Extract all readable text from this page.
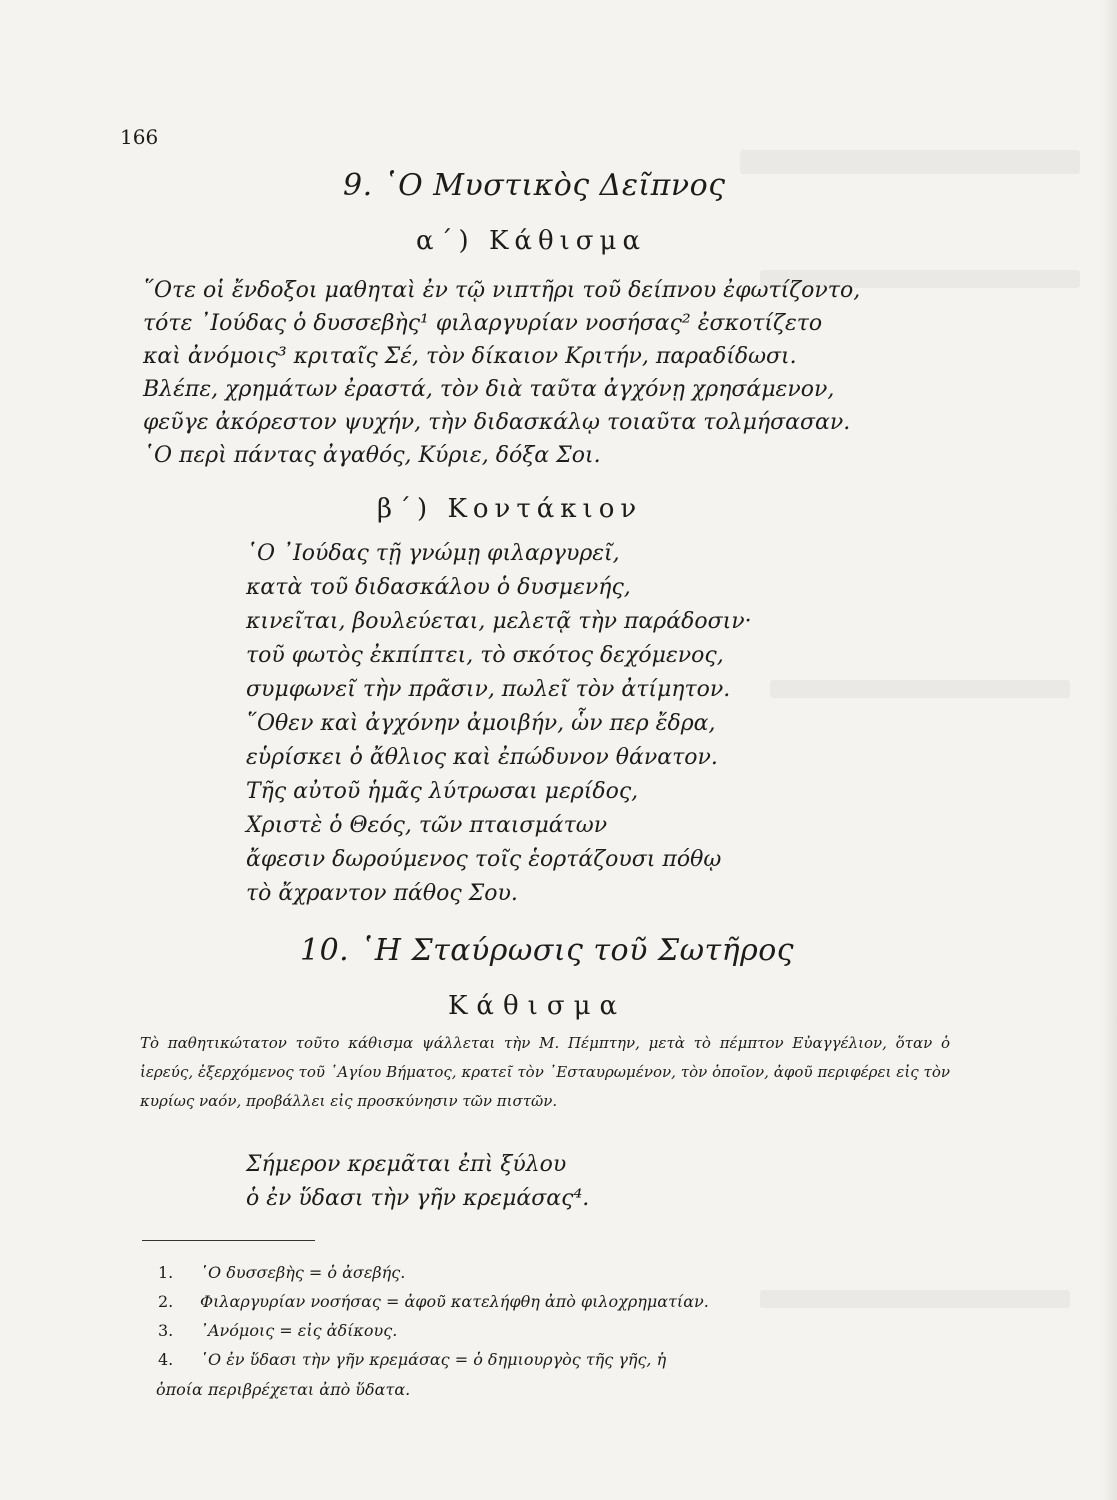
166
9. ῾Ο Μυστικὸς Δεῖπνος
α΄) Κάθισμα
῞Οτε οἱ ἔνδοξοι μαθηταὶ ἐν τῷ νιπτῆρι τοῦ δείπνου ἐφωτίζοντο,
τότε ᾿Ιούδας ὁ δυσσεβὴς¹ φιλαργυρίαν νοσήσας² ἐσκοτίζετο
καὶ ἀνόμοις³ κριταῖς Σέ, τὸν δίκαιον Κριτήν, παραδίδωσι.
Βλέπε, χρημάτων ἐραστά, τὸν διὰ ταῦτα ἀγχόνῃ χρησάμενον,
φεῦγε ἀκόρεστον ψυχήν, τὴν διδασκάλῳ τοιαῦτα τολμήσασαν.
῾Ο περὶ πάντας ἀγαθός, Κύριε, δόξα Σοι.
β΄) Κοντάκιον
῾Ο ᾿Ιούδας τῇ γνώμῃ φιλαργυρεῖ,
κατὰ τοῦ διδασκάλου ὁ δυσμενής,
κινεῖται, βουλεύεται, μελετᾷ τὴν παράδοσιν·
τοῦ φωτὸς ἐκπίπτει, τὸ σκότος δεχόμενος,
συμφωνεῖ τὴν πρᾶσιν, πωλεῖ τὸν ἀτίμητον.
῞Οθεν καὶ ἀγχόνην ἀμοιβήν, ὧν περ ἔδρα,
εὑρίσκει ὁ ἄθλιος καὶ ἐπώδυνον θάνατον.
Τῆς αὐτοῦ ἡμᾶς λύτρωσαι μερίδος,
Χριστὲ ὁ Θεός, τῶν πταισμάτων
ἄφεσιν δωρούμενος τοῖς ἑορτάζουσι πόθῳ
τὸ ἄχραντον πάθος Σου.
10. ῾Η Σταύρωσις τοῦ Σωτῆρος
Κάθισμα
Τὸ παθητικώτατον τοῦτο κάθισμα ψάλλεται τὴν Μ. Πέμπτην, μετὰ τὸ πέμπτον Εὐαγγέλιον, ὅταν ὁ ἱερεύς, ἐξερχόμενος τοῦ ῾Αγίου Βήματος, κρατεῖ τὸν ᾿Εσταυρωμένον, τὸν ὁποῖον, ἀφοῦ περιφέρει εἰς τὸν κυρίως ναόν, προβάλλει εἰς προσκύνησιν τῶν πιστῶν.
Σήμερον κρεμᾶται ἐπὶ ξύλου
ὁ ἐν ὕδασι τὴν γῆν κρεμάσας⁴.
1. ῾Ο δυσσεβὴς = ὁ ἀσεβής.
2. Φιλαργυρίαν νοσήσας = ἀφοῦ κατελήφθη ἀπὸ φιλοχρηματίαν.
3. ᾿Ανόμοις = εἰς ἀδίκους.
4. ῾Ο ἐν ὕδασι τὴν γῆν κρεμάσας = ὁ δημιουργὸς τῆς γῆς, ἡ
ὁποία περιβρέχεται ἀπὸ ὕδατα.
